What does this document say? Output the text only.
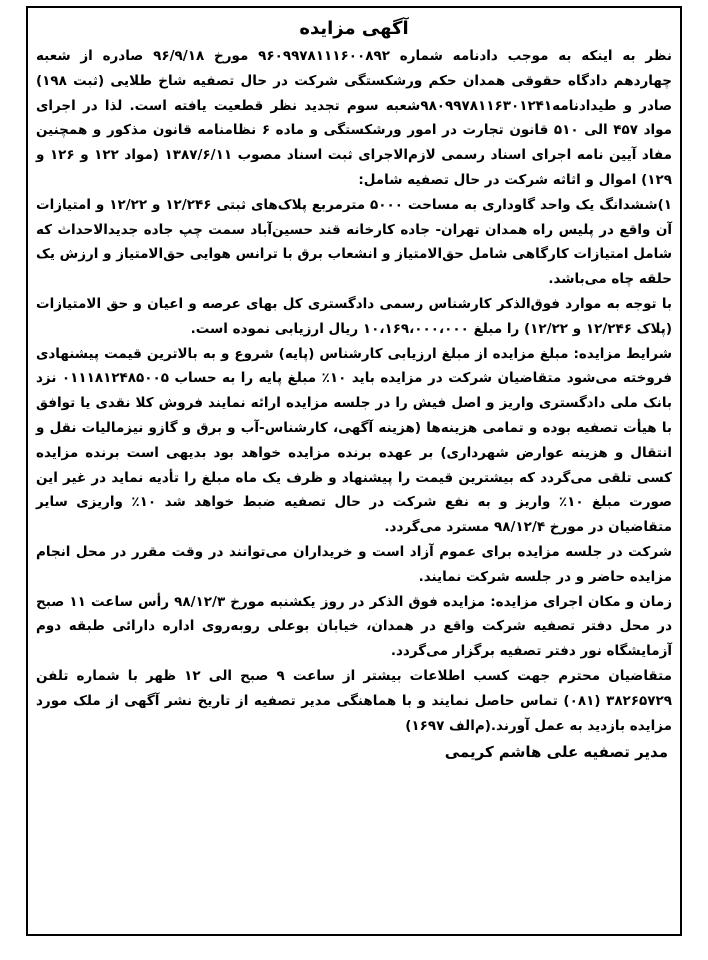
آگهی مزایده

نظر به اینکه به موجب دادنامه شماره ۹۶۰۹۹۷۸۱۱۱۶۰۰۸۹۲ مورخ ۹۶/۹/۱۸ صادره از شعبه چهاردهم دادگاه حقوقی همدان حکم ورشکستگی شرکت در حال تصفیه شاخ طلایی (ثبت ۱۹۸) صادر و طیدادنامه۹۸۰۹۹۷۸۱۱۶۳۰۱۲۴۱شعبه سوم تجدید نظر قطعیت یافته است. لذا در اجرای مواد ۴۵۷ الی ۵۱۰ قانون تجارت در امور ورشکستگی و ماده ۶ نظامنامه قانون مذکور و همچنین مفاد آیین نامه اجرای اسناد رسمی لازم‌الاجرای ثبت اسناد مصوب ۱۳۸۷/۶/۱۱ (مواد ۱۲۲ و ۱۲۶ و ۱۲۹) اموال و اثاثه شرکت در حال تصفیه شامل:

۱)ششدانگ یک واحد گاوداری به مساحت ۵۰۰۰ مترمربع پلاک‌های ثبتی ۱۲/۲۴۶ و ۱۲/۲۲ و امتیازات آن واقع در پلیس راه همدان تهران- جاده کارخانه قند حسین‌آباد سمت چپ جاده جدیدالاحداث که شامل امتیازات کارگاهی شامل حق‌الامتیاز و انشعاب برق با ترانس هوایی حق‌الامتیاز و ارزش یک حلقه چاه می‌باشد.

با توجه به موارد فوق‌الذکر کارشناس رسمی دادگستری کل بهای عرصه و اعیان و حق الامتیازات (پلاک ۱۲/۲۴۶ و ۱۲/۲۲) را مبلغ ۱۰،۱۶۹،۰۰۰،۰۰۰ ریال ارزیابی نموده است.

شرایط مزایده: مبلغ مزایده از مبلغ ارزیابی کارشناس (پایه) شروع و به بالاترین قیمت پیشنهادی فروخته می‌شود متقاضیان شرکت در مزایده باید ۱۰٪ مبلغ پایه را به حساب ۰۱۱۱۸۱۲۴۸۵۰۰۵ نزد بانک ملی دادگستری واریز و اصل فیش را در جلسه مزایده ارائه نمایند فروش کلا نقدی یا توافق با هیأت تصفیه بوده و تمامی هزینه‌ها (هزینه آگهی، کارشناس-آب و برق و گازو نیزمالیات نقل و انتقال و هزینه عوارض شهرداری) بر عهده برنده مزایده خواهد بود بدیهی است برنده مزایده کسی تلقی می‌گردد که بیشترین قیمت را پیشنهاد و ظرف یک ماه مبلغ را تأدیه نماید در غیر این صورت مبلغ ۱۰٪ واریز و به نفع شرکت در حال تصفیه ضبط خواهد شد ۱۰٪ واریزی سایر متقاضیان در مورخ ۹۸/۱۲/۴ مسترد می‌گردد.

شرکت در جلسه مزایده برای عموم آزاد است و خریداران می‌توانند در وقت مقرر در محل انجام مزایده حاضر و در جلسه شرکت نمایند.

زمان و مکان اجرای مزایده: مزایده فوق الذکر در روز یکشنبه مورخ ۹۸/۱۲/۳ رأس ساعت ۱۱ صبح در محل دفتر تصفیه شرکت واقع در همدان، خیابان بوعلی روبه‌روی اداره دارائی طبقه دوم آزمایشگاه نور دفتر تصفیه برگزار می‌گردد.

متقاضیان محترم جهت کسب اطلاعات بیشتر از ساعت ۹ صبح الی ۱۲ ظهر با شماره تلفن ۳۸۲۶۵۷۲۹ (۰۸۱) تماس حاصل نمایند و با هماهنگی مدیر تصفیه از تاریخ نشر آگهی از ملک مورد مزایده بازدید به عمل آورند.(م‌الف ۱۶۹۷)

مدیر تصفیه علی هاشم کریمی
